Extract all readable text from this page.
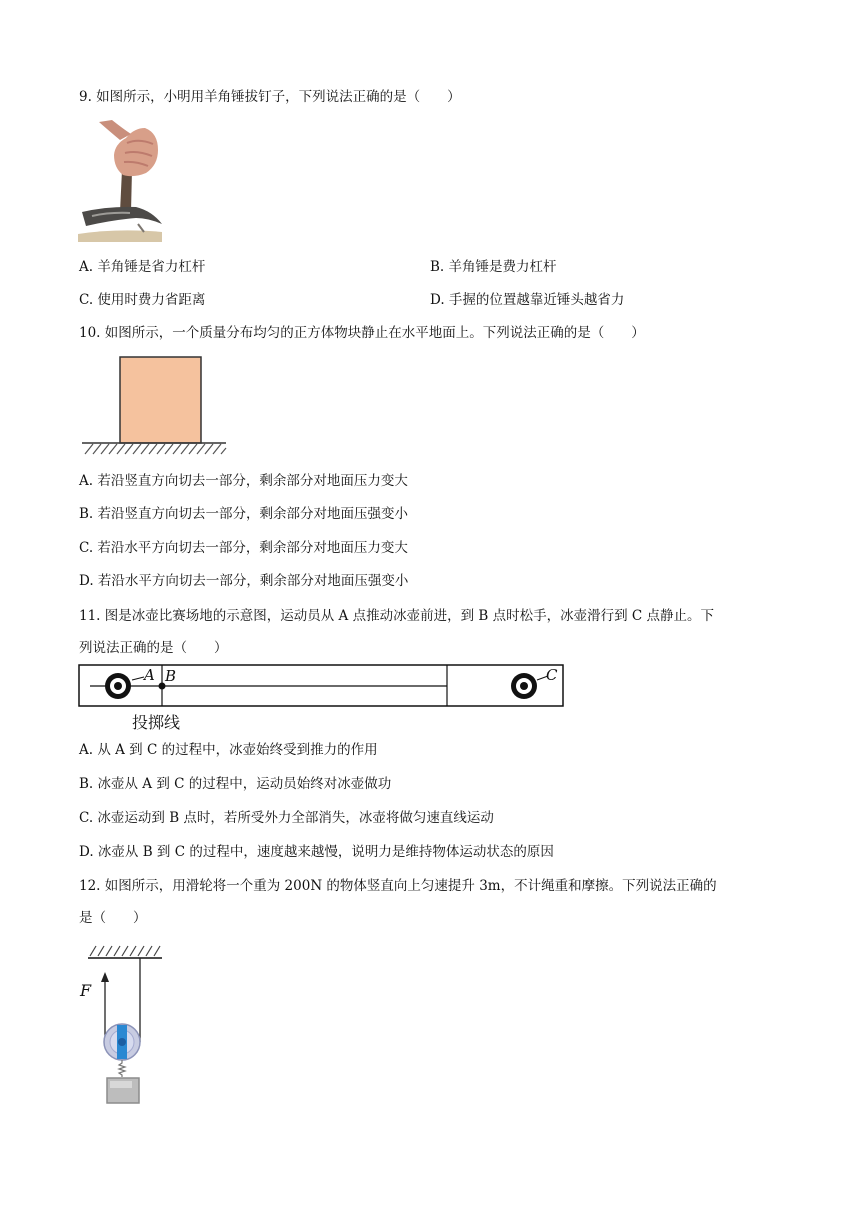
9. 如图所示，小明用羊角锤拔钉子，下列说法正确的是（　　）
A. 羊角锤是省力杠杆	B. 羊角锤是费力杠杆
C. 使用时费力省距离	D. 手握的位置越靠近锤头越省力
10. 如图所示，一个质量分布均匀的正方体物块静止在水平地面上。下列说法正确的是（　　）
A. 若沿竖直方向切去一部分，剩余部分对地面压力变大
B. 若沿竖直方向切去一部分，剩余部分对地面压强变小
C. 若沿水平方向切去一部分，剩余部分对地面压力变大
D. 若沿水平方向切去一部分，剩余部分对地面压强变小
11. 图是冰壶比赛场地的示意图，运动员从 A 点推动冰壶前进，到 B 点时松手，冰壶滑行到 C 点静止。下
列说法正确的是（　　）
A B	C
投掷线
A. 从 A 到 C 的过程中，冰壶始终受到推力的作用
B. 冰壶从 A 到 C 的过程中，运动员始终对冰壶做功
C. 冰壶运动到 B 点时，若所受外力全部消失，冰壶将做匀速直线运动
D. 冰壶从 B 到 C 的过程中，速度越来越慢，说明力是维持物体运动状态的原因
12. 如图所示，用滑轮将一个重为 200N 的物体竖直向上匀速提升 3m，不计绳重和摩擦。下列说法正确的
是（　　）
F
